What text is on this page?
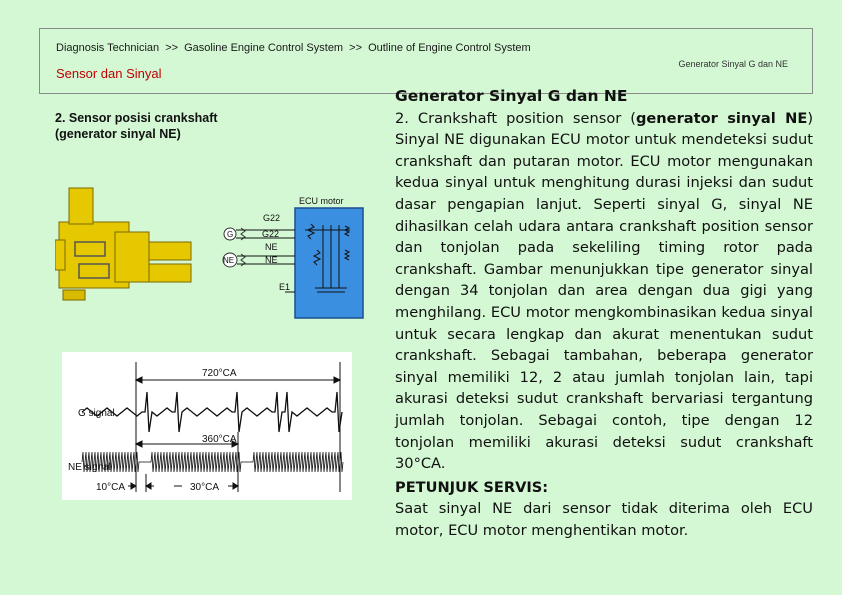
Diagnosis Technician >> Gasoline Engine Control System >> Outline of Engine Control System
Sensor dan Sinyal
Generator Sinyal G dan NE
2. Sensor posisi crankshaft
(generator sinyal NE)
ECU motor
G
NE
G22
G22
NE
NE
E1
720°CA
G signal
360°CA
NE signal
10°CA	30°CA

Generator Sinyal G dan NE

2. Crankshaft position sensor (generator sinyal NE) Sinyal NE digunakan ECU motor untuk mendeteksi sudut crankshaft dan putaran motor. ECU motor mengunakan kedua sinyal untuk menghitung durasi injeksi dan sudut dasar pengapian lanjut. Seperti sinyal G, sinyal NE dihasilkan celah udara antara crankshaft position sensor dan tonjolan pada sekeliling timing rotor pada crankshaft. Gambar menunjukkan tipe generator sinyal dengan 34 tonjolan dan area dengan dua gigi yang menghilang. ECU motor mengkombinasikan kedua sinyal untuk secara lengkap dan akurat menentukan sudut crankshaft. Sebagai tambahan, beberapa generator sinyal memiliki 12, 2 atau jumlah tonjolan lain, tapi akurasi deteksi sudut crankshaft bervariasi tergantung jumlah tonjolan. Sebagai contoh, tipe dengan 12 tonjolan memiliki akurasi deteksi sudut crankshaft 30°CA.

PETUNJUK SERVIS:

Saat sinyal NE dari sensor tidak diterima oleh ECU motor, ECU motor menghentikan motor.
